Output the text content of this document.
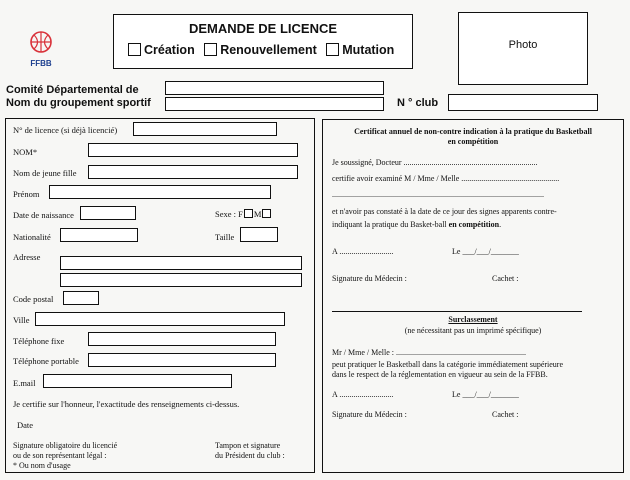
FFBB
DEMANDE DE LICENCE
Création Renouvellement Mutation	Photo
Comité Départemental de
Nom du groupement sportif	N ° club
N° de licence (si déjà licencié)
NOM*
Nom de jeune fille
Prénom
Date de naissance	Sexe : F M
Nationalité	Taille
Adresse
Code postal
Ville
Téléphone fixe
Téléphone portable
E.mail
Je certifie sur l'honneur, l'exactitude des renseignements ci-dessus.
Date
Signature obligatoire du licencié
ou de son représentant légal :
* Ou nom d'usage
Tampon et signature
du Président du club :
Certificat annuel de non-contre indication à la pratique du Basketball
en compétition
Je soussigné, Docteur ...................................................................
certifie avoir examiné M / Mme / Melle .................................................
..........................................................................................................
et n'avoir pas constaté à la date de ce jour des signes apparents contre-
indiquant la pratique du Basket-ball en compétition.
A ...........................	Le ___/___/_______
Signature du Médecin :	Cachet :
Surclassement
(ne nécessitant pas un imprimé spécifique)
Mr / Mme / Melle : .................................................................
peut pratiquer le Basketball dans la catégorie immédiatement supérieure
dans le respect de la réglementation en vigueur au sein de la FFBB.
A ...........................	Le ___/___/_______
Signature du Médecin :	Cachet :
